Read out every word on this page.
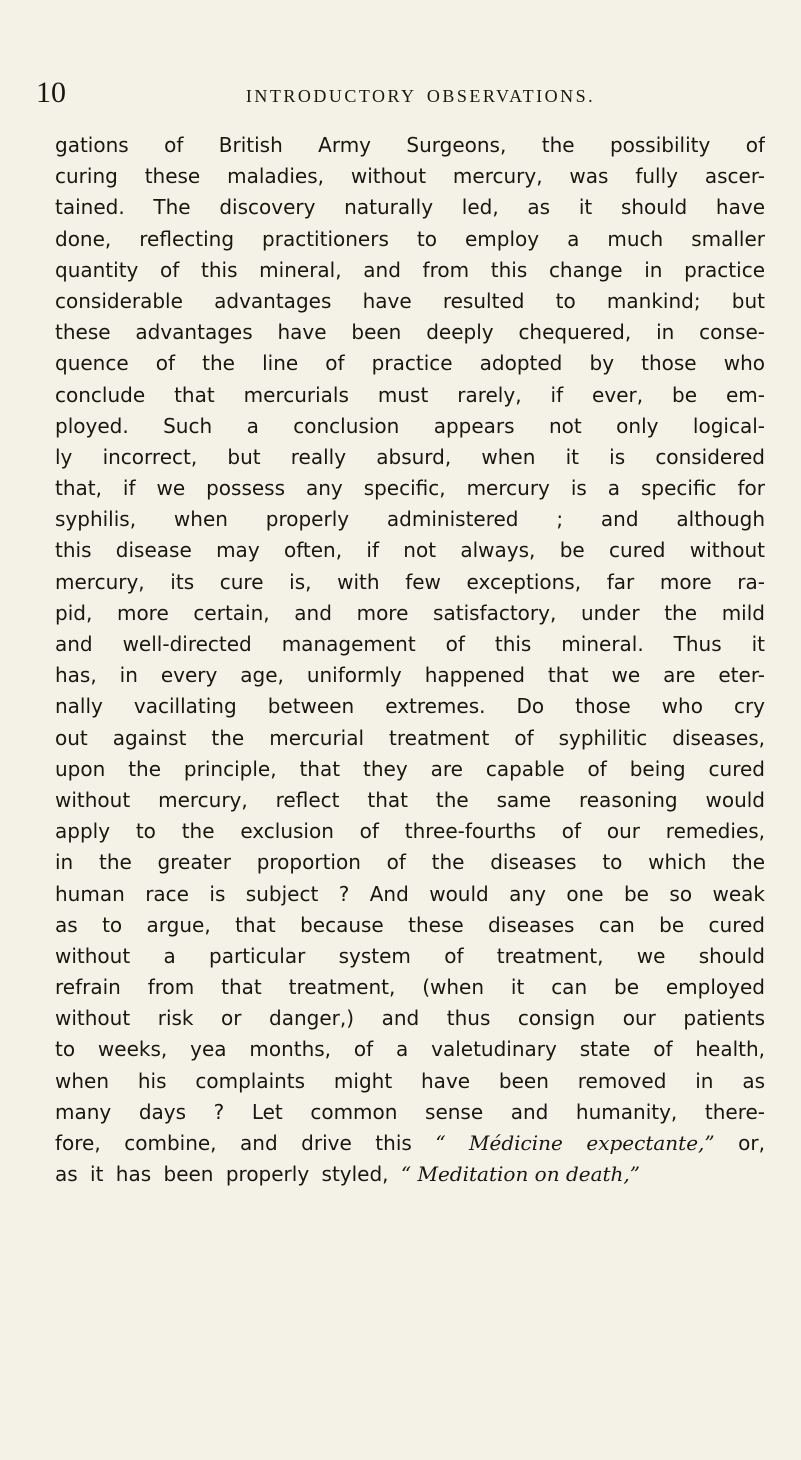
10	INTRODUCTORY OBSERVATIONS.
gations of British Army Surgeons, the possibility of
curing these maladies, without mercury, was fully ascer-
tained. The discovery naturally led, as it should have
done, reflecting practitioners to employ a much smaller
quantity of this mineral, and from this change in practice
considerable advantages have resulted to mankind; but
these advantages have been deeply chequered, in conse-
quence of the line of practice adopted by those who
conclude that mercurials must rarely, if ever, be em-
ployed. Such a conclusion appears not only logical-
ly incorrect, but really absurd, when it is considered
that, if we possess any specific, mercury is a specific for
syphilis, when properly administered ; and although
this disease may often, if not always, be cured without
mercury, its cure is, with few exceptions, far more ra-
pid, more certain, and more satisfactory, under the mild
and well-directed management of this mineral. Thus it
has, in every age, uniformly happened that we are eter-
nally vacillating between extremes. Do those who cry
out against the mercurial treatment of syphilitic diseases,
upon the principle, that they are capable of being cured
without mercury, reflect that the same reasoning would
apply to the exclusion of three-fourths of our remedies,
in the greater proportion of the diseases to which the
human race is subject ? And would any one be so weak
as to argue, that because these diseases can be cured
without a particular system of treatment, we should
refrain from that treatment, (when it can be employed
without risk or danger,) and thus consign our patients
to weeks, yea months, of a valetudinary state of health,
when his complaints might have been removed in as
many days ? Let common sense and humanity, there-
fore, combine, and drive this “ Médicine expectante,” or,
as it has been properly styled, “ Meditation on death,”
